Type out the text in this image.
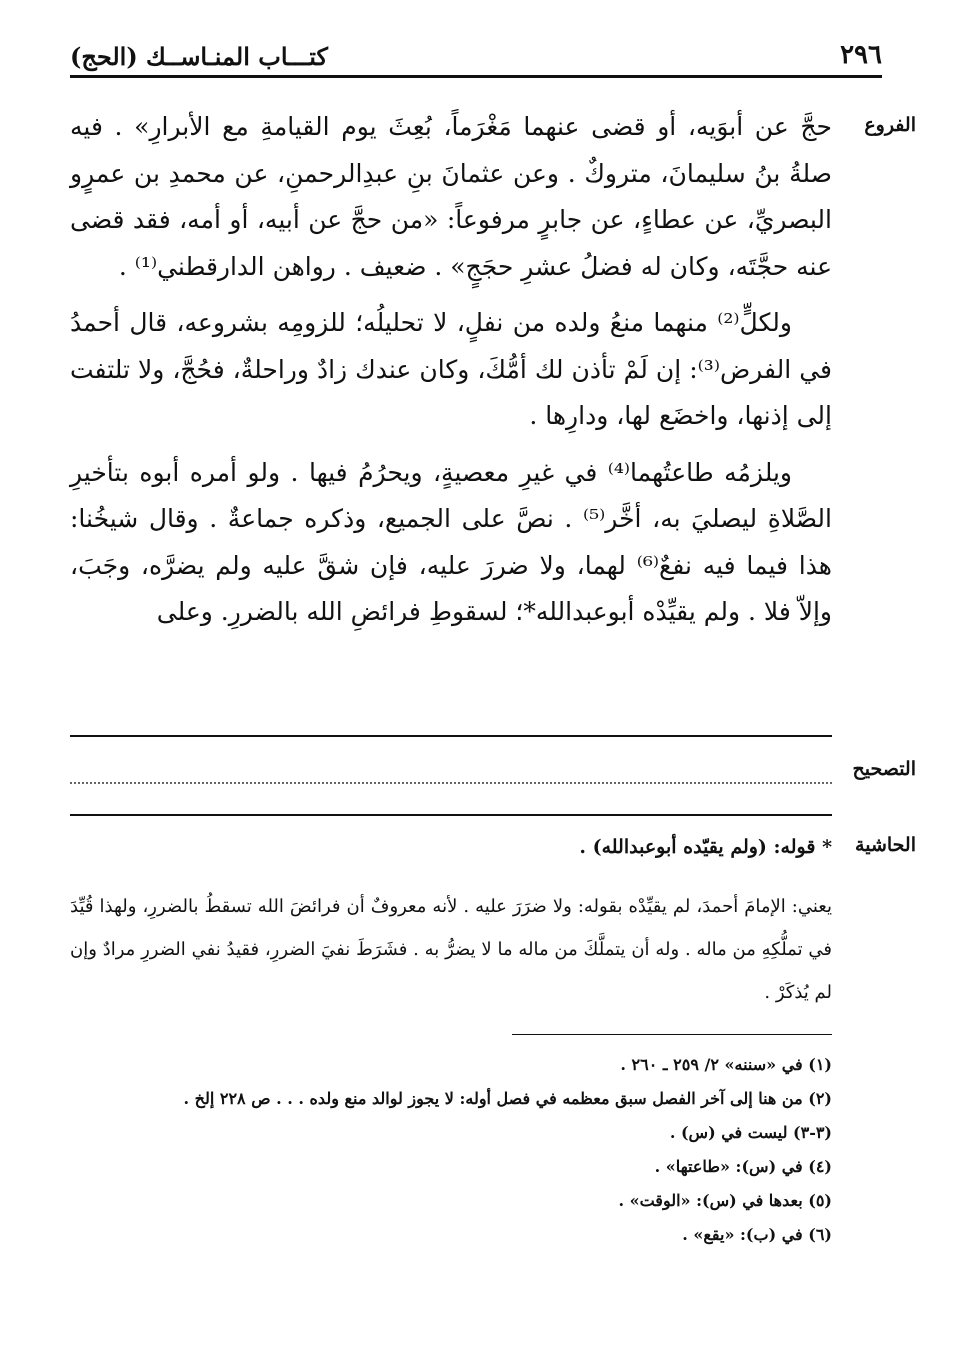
٢٩٦
كتـــاب المنـاســك (الحج)
الفروع

حجَّ عن أبوَيه، أو قضى عنهما مَغْرَماً، بُعِثَ يوم القيامةِ مع الأبرارِ» . فيه صلةُ بنُ سليمانَ، متروكٌ . وعن عثمانَ بنِ عبدِالرحمنِ، عن محمدِ بن عمرٍو البصريِّ، عن عطاءٍ، عن جابرٍ مرفوعاً: «من حجَّ عن أبيه، أو أمه، فقد قضى عنه حجَّتَه، وكان له فضلُ عشرِ حجَجٍ» . ضعيف . رواهن الدارقطني⁽¹⁾ .

ولكلٍّ⁽²⁾ منهما منعُ ولده من نفلٍ، لا تحليلُه؛ للزومِه بشروعه، قال أحمدُ في الفرض⁽³⁾: إن لَمْ تأذن لك أمُّكَ، وكان عندك زادٌ وراحلةٌ، فحُجَّ، ولا تلتفت إلى إذنها، واخضَع لها، ودارِها .

ويلزمُه طاعتُهما⁽⁴⁾ في غيرِ معصيةٍ، ويحرُمُ فيها . ولو أمره أبوه بتأخيرِ الصَّلاةِ ليصليَ به، أخَّر⁽⁵⁾ . نصَّ على الجميع، وذكره جماعةٌ . وقال شيخُنا: هذا فيما فيه نفعٌ⁽⁶⁾ لهما، ولا ضررَ عليه، فإن شقَّ عليه ولم يضرَّه، وجَبَ، وإلاّ فلا . ولم يقيِّدْه أبوعبدالله*؛ لسقوطِ فرائضِ الله بالضررِ. وعلى

التصحيح
الحاشية
* قوله: (ولم يقيّده أبوعبدالله) .
يعني: الإمامَ أحمدَ، لم يقيِّدْه بقوله: ولا ضرَرَ عليه . لأنه معروفٌ أن فرائضَ الله تسقطُ بالضررِ، ولهذا قُيِّدَ في تملُّكِهِ من ماله . وله أن يتملَّكَ من ماله ما لا يضرُّ به . فشَرَطَ نفيَ الضررِ، فقيدُ نفي الضررِ مرادٌ وإن لم يُذكَرْ .

(١) في «سننه» ٢/ ٢٥٩ ـ ٢٦٠ .

(٢) من هنا إلى آخر الفصل سبق معظمه في فصل أوله: لا يجوز لوالد منع ولده . . . ص ٢٢٨ إلخ .

(٣-٣) ليست في (س) .

(٤) في (س): «طاعتها» .

(٥) بعدها في (س): «الوقت» .

(٦) في (ب): «يقع» .
